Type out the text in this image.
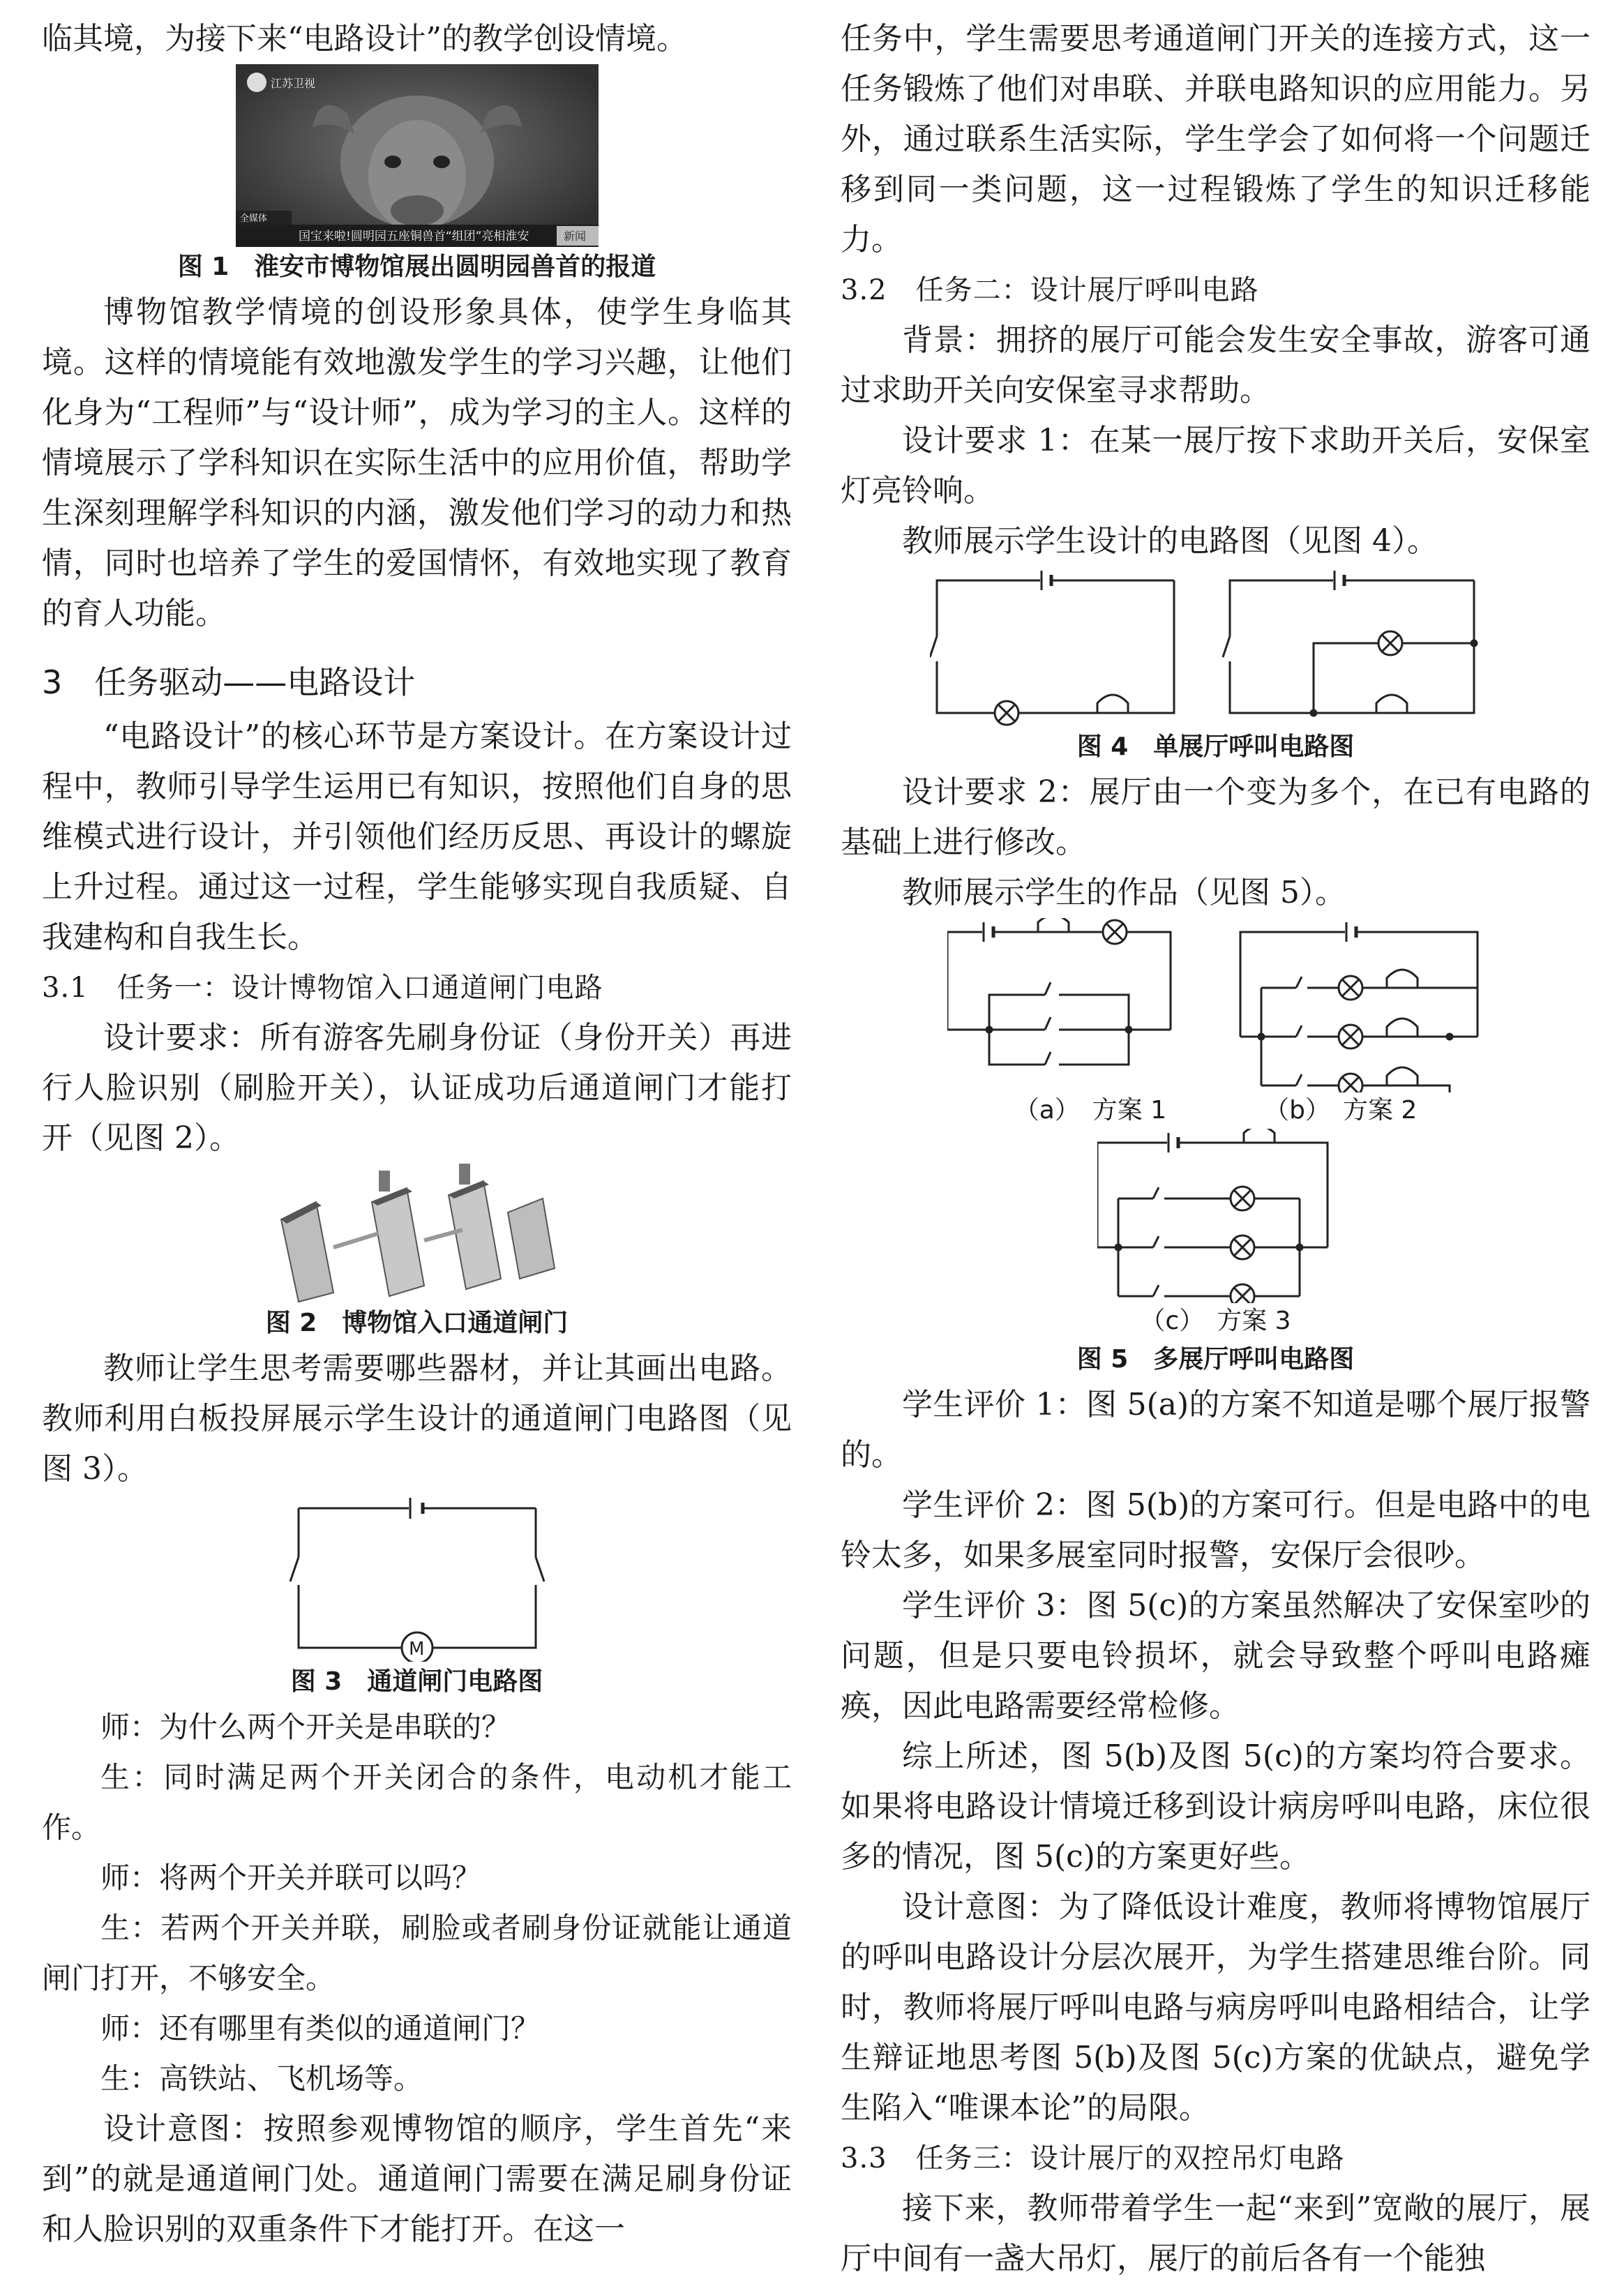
临其境，为接下来“电路设计”的教学创设情境。

江苏卫视
全媒体
国宝来啦!圆明园五座铜兽首“组团”亮相淮安	新闻
图 1　淮安市博物馆展出圆明园兽首的报道

博物馆教学情境的创设形象具体，使学生身临其境。这样的情境能有效地激发学生的学习兴趣，让他们化身为“工程师”与“设计师”，成为学习的主人。这样的情境展示了学科知识在实际生活中的应用价值，帮助学生深刻理解学科知识的内涵，激发他们学习的动力和热情，同时也培养了学生的爱国情怀，有效地实现了教育的育人功能。

3　任务驱动——电路设计

“电路设计”的核心环节是方案设计。在方案设计过程中，教师引导学生运用已有知识，按照他们自身的思维模式进行设计，并引领他们经历反思、再设计的螺旋上升过程。通过这一过程，学生能够实现自我质疑、自我建构和自我生长。

3.1　任务一：设计博物馆入口通道闸门电路

设计要求：所有游客先刷身份证（身份开关）再进行人脸识别（刷脸开关），认证成功后通道闸门才能打开（见图 2）。

图 2　博物馆入口通道闸门

教师让学生思考需要哪些器材，并让其画出电路。教师利用白板投屏展示学生设计的通道闸门电路图（见图 3）。

M
图 3　通道闸门电路图

师：为什么两个开关是串联的？

生：同时满足两个开关闭合的条件，电动机才能工作。

师：将两个开关并联可以吗？

生：若两个开关并联，刷脸或者刷身份证就能让通道闸门打开，不够安全。

师：还有哪里有类似的通道闸门？

生：高铁站、飞机场等。

设计意图：按照参观博物馆的顺序，学生首先“来到”的就是通道闸门处。通道闸门需要在满足刷身份证和人脸识别的双重条件下才能打开。在这一

任务中，学生需要思考通道闸门开关的连接方式，这一任务锻炼了他们对串联、并联电路知识的应用能力。另外，通过联系生活实际，学生学会了如何将一个问题迁移到同一类问题，这一过程锻炼了学生的知识迁移能力。

3.2　任务二：设计展厅呼叫电路

背景：拥挤的展厅可能会发生安全事故，游客可通过求助开关向安保室寻求帮助。

设计要求 1：在某一展厅按下求助开关后，安保室灯亮铃响。

教师展示学生设计的电路图（见图 4）。

图 4　单展厅呼叫电路图

设计要求 2：展厅由一个变为多个，在已有电路的基础上进行修改。

教师展示学生的作品（见图 5）。

（a）　方案 1	（b）　方案 2
（c）　方案 3
图 5　多展厅呼叫电路图

学生评价 1：图 5(a)的方案不知道是哪个展厅报警的。

学生评价 2：图 5(b)的方案可行。但是电路中的电铃太多，如果多展室同时报警，安保厅会很吵。

学生评价 3：图 5(c)的方案虽然解决了安保室吵的问题，但是只要电铃损坏，就会导致整个呼叫电路瘫痪，因此电路需要经常检修。

综上所述，图 5(b)及图 5(c)的方案均符合要求。如果将电路设计情境迁移到设计病房呼叫电路，床位很多的情况，图 5(c)的方案更好些。

设计意图：为了降低设计难度，教师将博物馆展厅的呼叫电路设计分层次展开，为学生搭建思维台阶。同时，教师将展厅呼叫电路与病房呼叫电路相结合，让学生辩证地思考图 5(b)及图 5(c)方案的优缺点，避免学生陷入“唯课本论”的局限。

3.3　任务三：设计展厅的双控吊灯电路

接下来，教师带着学生一起“来到”宽敞的展厅，展厅中间有一盏大吊灯，展厅的前后各有一个能独
